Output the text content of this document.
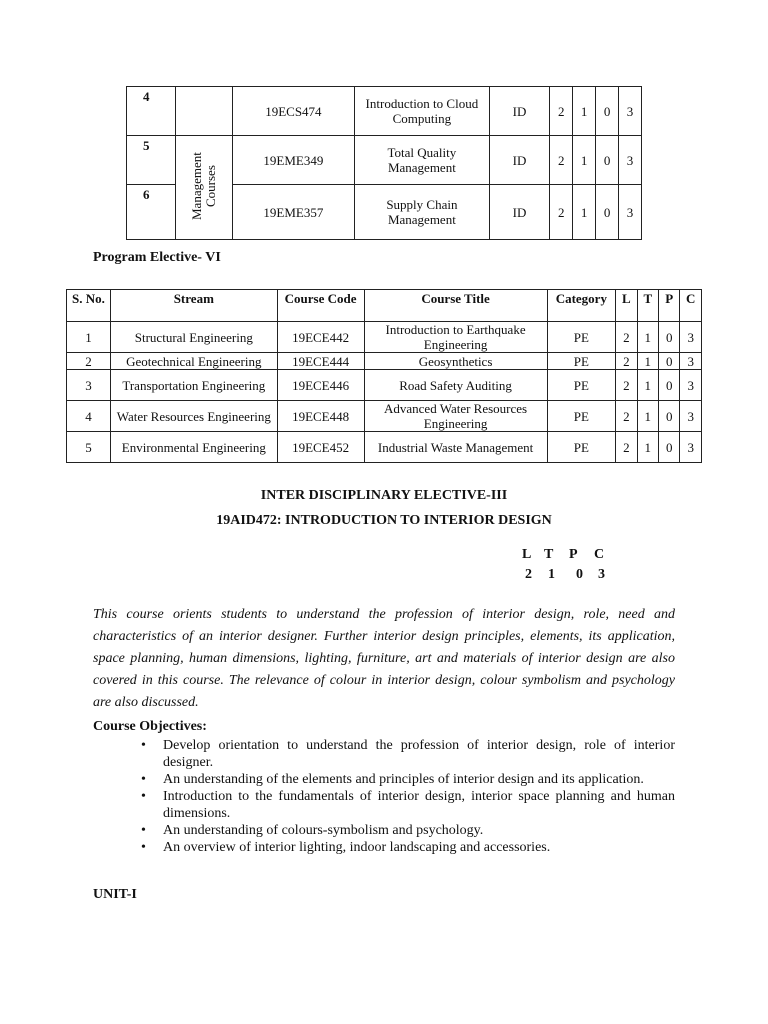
4		19ECS474	Introduction to Cloud Computing	ID	2	1	0	3
5	Management Courses	19EME349	Total Quality Management	ID	2	1	0	3
6		19EME357	Supply Chain Management	ID	2	1	0	3
Program Elective- VI
S. No.	Stream	Course Code	Course Title	Category	L	T	P	C
1	Structural Engineering	19ECE442	Introduction to Earthquake Engineering	PE	2	1	0	3
2	Geotechnical Engineering	19ECE444	Geosynthetics	PE	2	1	0	3
3	Transportation Engineering	19ECE446	Road Safety Auditing	PE	2	1	0	3
4	Water Resources Engineering	19ECE448	Advanced Water Resources Engineering	PE	2	1	0	3
5	Environmental Engineering	19ECE452	Industrial Waste Management	PE	2	1	0	3
INTER DISCIPLINARY ELECTIVE-III
19AID472: INTRODUCTION TO INTERIOR DESIGN
L T P C
2 1 0 3
This course orients students to understand the profession of interior design, role, need and characteristics of an interior designer. Further interior design principles, elements, its application, space planning, human dimensions, lighting, furniture, art and materials of interior design are also covered in this course. The relevance of colour in interior design, colour symbolism and psychology are also discussed.
Course Objectives:
• Develop orientation to understand the profession of interior design, role of interior designer.
• An understanding of the elements and principles of interior design and its application.
• Introduction to the fundamentals of interior design, interior space planning and human dimensions.
• An understanding of colours-symbolism and psychology.
• An overview of interior lighting, indoor landscaping and accessories.
UNIT-I
